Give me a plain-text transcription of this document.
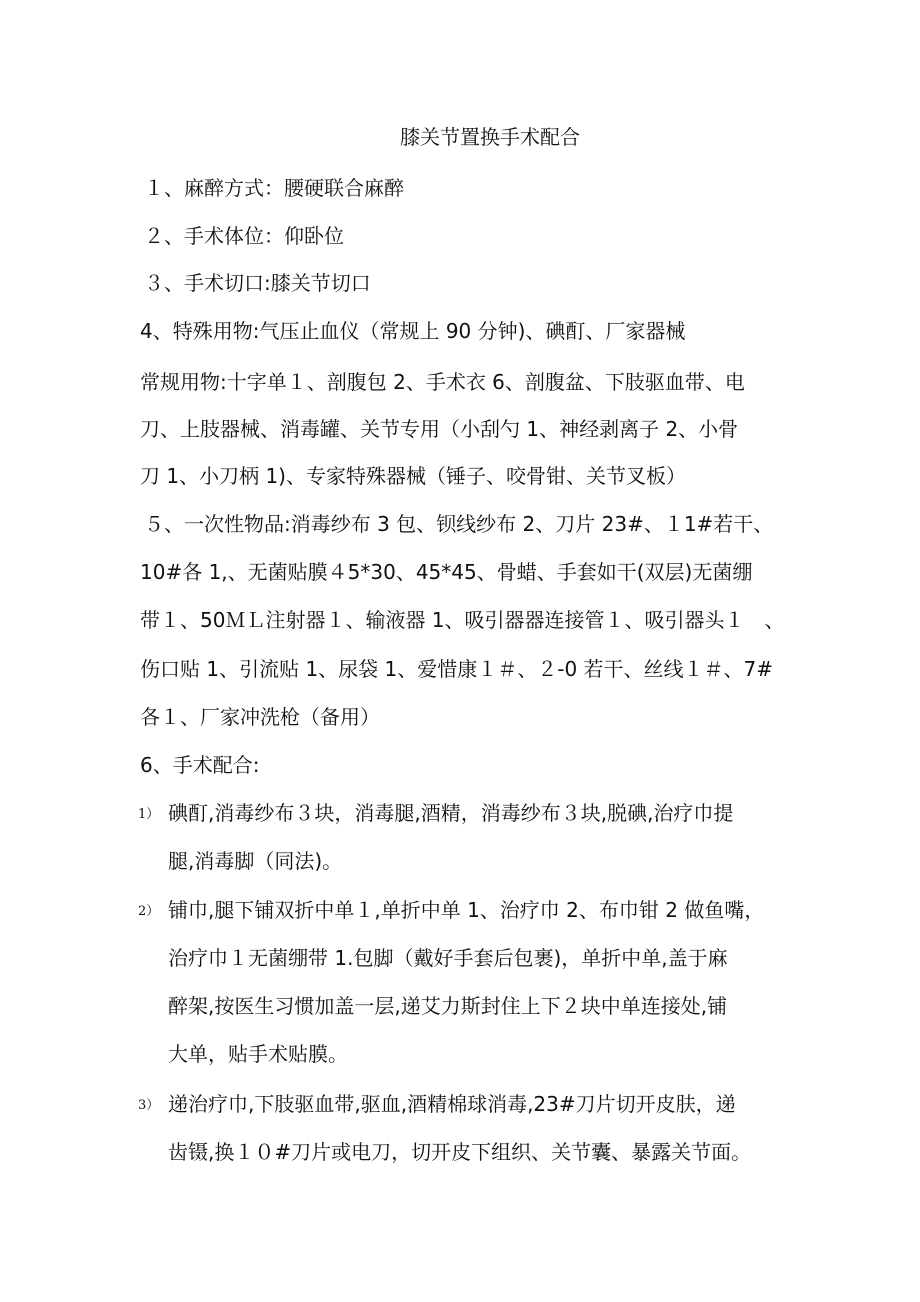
膝关节置换手术配合
１、麻醉方式：腰硬联合麻醉
２、手术体位：仰卧位
３、手术切口:膝关节切口
4、特殊用物:气压止血仪（常规上 90 分钟)、碘酊、厂家器械
常规用物:十字单１、剖腹包 2、手术衣 6、剖腹盆、下肢驱血带、电
刀、上肢器械、消毒罐、关节专用（小刮勺 1、神经剥离子 2、小骨
刀 1、小刀柄 1)、专家特殊器械（锤子、咬骨钳、关节叉板）
５、一次性物品:消毒纱布 3 包、钡线纱布 2、刀片 23#、１1#若干、
10#各 1,、无菌贴膜４5*30、45*45、骨蜡、手套如干(双层)无菌绷
带１、50ＭＬ注射器１、输液器 1、吸引器器连接管１、吸引器头１　、
伤口贴 1、引流贴 1、尿袋 1、爱惜康１＃、２-0 若干、丝线１＃、7#
各１、厂家冲洗枪（备用）
6、手术配合:
1） 碘酊,消毒纱布３块，消毒腿,酒精，消毒纱布３块,脱碘,治疗巾提
腿,消毒脚（同法)。
2） 铺巾,腿下铺双折中单１,单折中单 1、治疗巾 2、布巾钳 2 做鱼嘴，
治疗巾１无菌绷带 1.包脚（戴好手套后包裹)，单折中单,盖于麻
醉架,按医生习惯加盖一层,递艾力斯封住上下２块中单连接处,铺
大单，贴手术贴膜。
3） 递治疗巾,下肢驱血带,驱血,酒精棉球消毒,23#刀片切开皮肤，递
齿镊,换１０#刀片或电刀，切开皮下组织、关节囊、暴露关节面。
